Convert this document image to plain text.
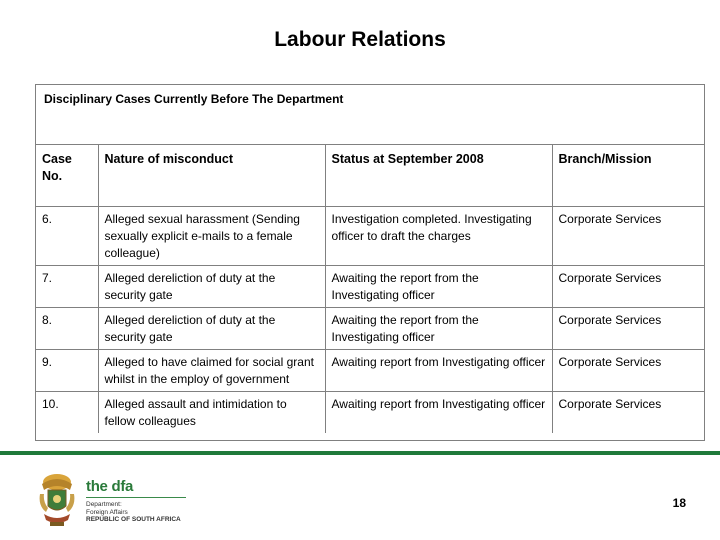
Labour Relations
Disciplinary Cases Currently Before The Department
Case No.	Nature of misconduct	Status at September 2008	Branch/Mission
6.	Alleged sexual harassment (Sending sexually explicit e-mails to a female colleague)	Investigation completed. Investigating officer to draft the charges	Corporate Services
7.	Alleged dereliction of duty at the security gate	Awaiting the report from the Investigating officer	Corporate Services
8.	Alleged dereliction of duty at the security gate	Awaiting the report from the Investigating officer	Corporate Services
9.	Alleged to have claimed for social grant whilst in the employ of government	Awaiting report from Investigating officer	Corporate Services
10.	Alleged assault and intimidation to fellow colleagues	Awaiting report from Investigating officer	Corporate Services
the dfa
Department:
Foreign Affairs
REPUBLIC OF SOUTH AFRICA
18
